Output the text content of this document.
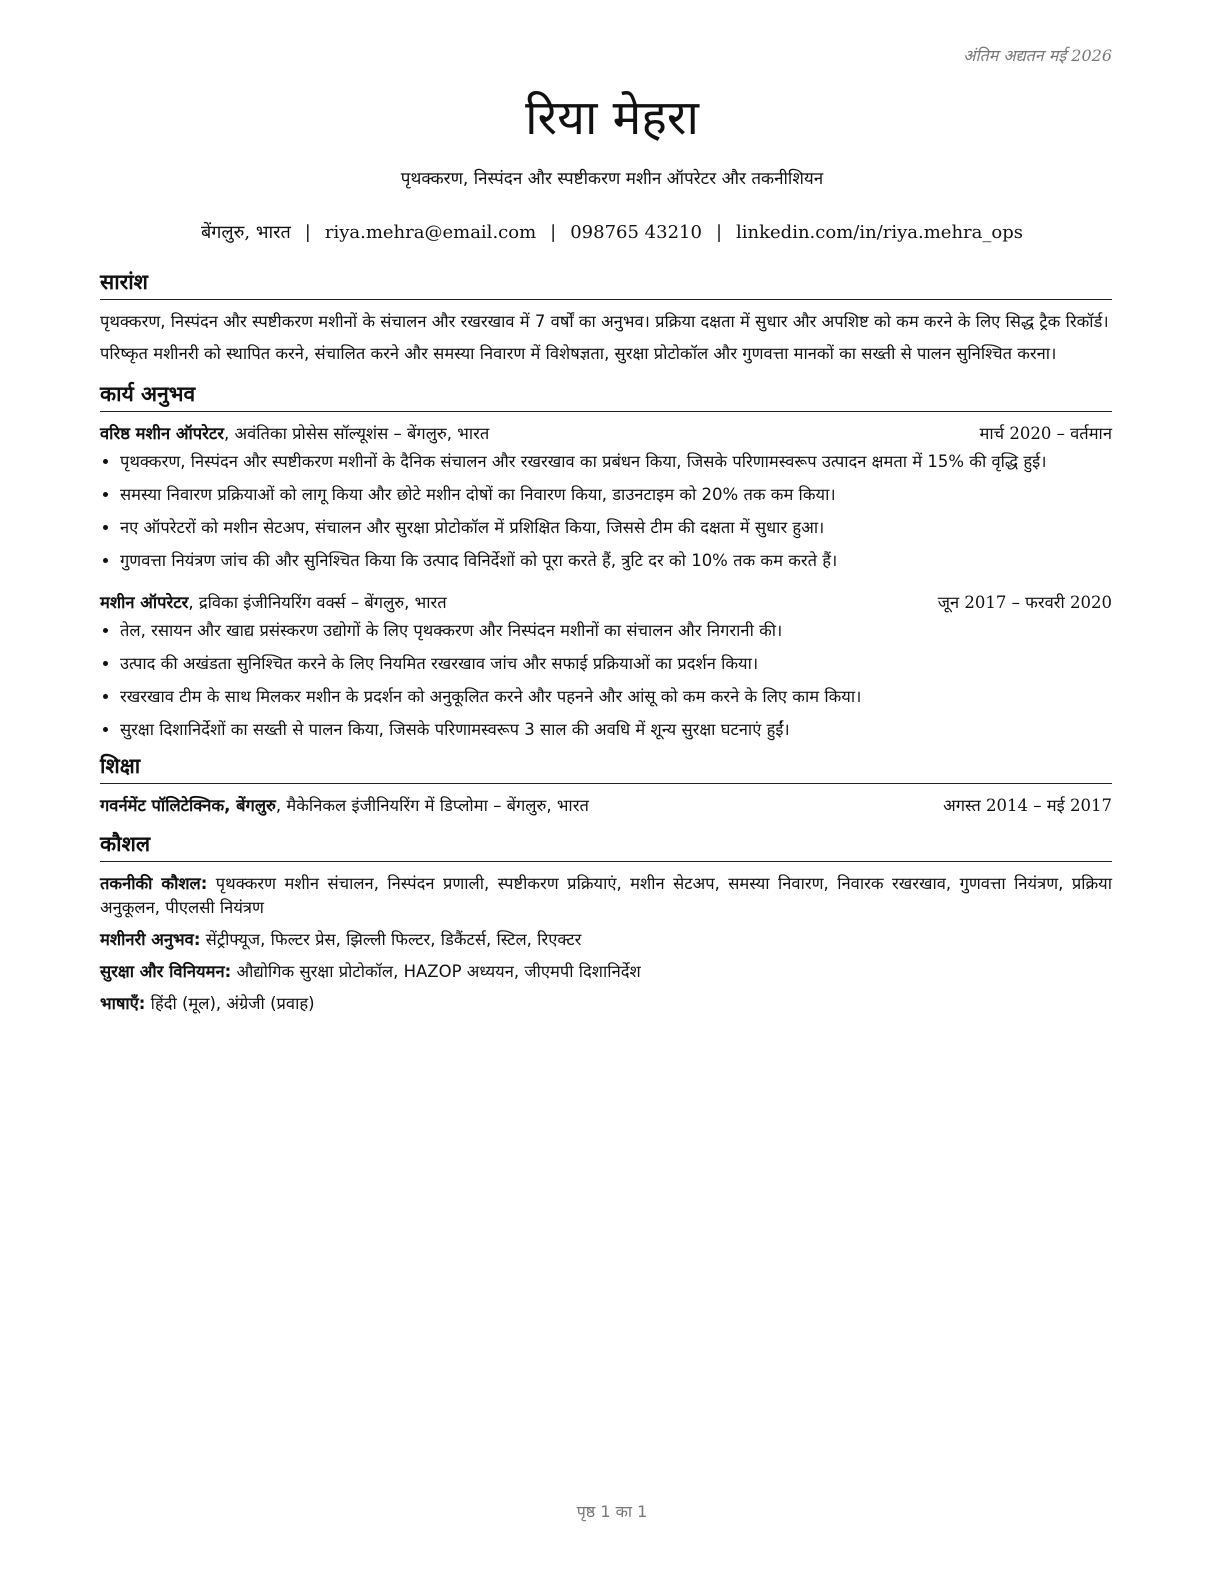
अंतिम अद्यतन मई 2026
रिया मेहरा
पृथक्करण, निस्पंदन और स्पष्टीकरण मशीन ऑपरेटर और तकनीशियन
बेंगलुरु, भारत | riya.mehra@email.com | 098765 43210 | linkedin.com/in/riya.mehra_ops
सारांश

पृथक्करण, निस्पंदन और स्पष्टीकरण मशीनों के संचालन और रखरखाव में 7 वर्षों का अनुभव। प्रक्रिया दक्षता में सुधार और अपशिष्ट को कम करने के लिए सिद्ध ट्रैक रिकॉर्ड।

परिष्कृत मशीनरी को स्थापित करने, संचालित करने और समस्या निवारण में विशेषज्ञता, सुरक्षा प्रोटोकॉल और गुणवत्ता मानकों का सख्ती से पालन सुनिश्चित करना।

कार्य अनुभव
वरिष्ठ मशीन ऑपरेटर, अवंतिका प्रोसेस सॉल्यूशंस – बेंगलुरु, भारत	मार्च 2020 – वर्तमान
• पृथक्करण, निस्पंदन और स्पष्टीकरण मशीनों के दैनिक संचालन और रखरखाव का प्रबंधन किया, जिसके परिणामस्वरूप उत्पादन क्षमता में 15% की वृद्धि हुई।
• समस्या निवारण प्रक्रियाओं को लागू किया और छोटे मशीन दोषों का निवारण किया, डाउनटाइम को 20% तक कम किया।
• नए ऑपरेटरों को मशीन सेटअप, संचालन और सुरक्षा प्रोटोकॉल में प्रशिक्षित किया, जिससे टीम की दक्षता में सुधार हुआ।
• गुणवत्ता नियंत्रण जांच की और सुनिश्चित किया कि उत्पाद विनिर्देशों को पूरा करते हैं, त्रुटि दर को 10% तक कम करते हैं।
मशीन ऑपरेटर, द्रविका इंजीनियरिंग वर्क्स – बेंगलुरु, भारत	जून 2017 – फरवरी 2020
• तेल, रसायन और खाद्य प्रसंस्करण उद्योगों के लिए पृथक्करण और निस्पंदन मशीनों का संचालन और निगरानी की।
• उत्पाद की अखंडता सुनिश्चित करने के लिए नियमित रखरखाव जांच और सफाई प्रक्रियाओं का प्रदर्शन किया।
• रखरखाव टीम के साथ मिलकर मशीन के प्रदर्शन को अनुकूलित करने और पहनने और आंसू को कम करने के लिए काम किया।
• सुरक्षा दिशानिर्देशों का सख्ती से पालन किया, जिसके परिणामस्वरूप 3 साल की अवधि में शून्य सुरक्षा घटनाएं हुईं।
शिक्षा
गवर्नमेंट पॉलिटेक्निक, बेंगलुरु, मैकेनिकल इंजीनियरिंग में डिप्लोमा – बेंगलुरु, भारत	अगस्त 2014 – मई 2017
कौशल

तकनीकी कौशल: पृथक्करण मशीन संचालन, निस्पंदन प्रणाली, स्पष्टीकरण प्रक्रियाएं, मशीन सेटअप, समस्या निवारण, निवारक रखरखाव, गुणवत्ता नियंत्रण, प्रक्रिया अनुकूलन, पीएलसी नियंत्रण

मशीनरी अनुभव: सेंट्रीफ्यूज, फिल्टर प्रेस, झिल्ली फिल्टर, डिकैंटर्स, स्टिल, रिएक्टर

सुरक्षा और विनियमन: औद्योगिक सुरक्षा प्रोटोकॉल, HAZOP अध्ययन, जीएमपी दिशानिर्देश

भाषाएँ: हिंदी (मूल), अंग्रेजी (प्रवाह)

पृष्ठ 1 का 1
